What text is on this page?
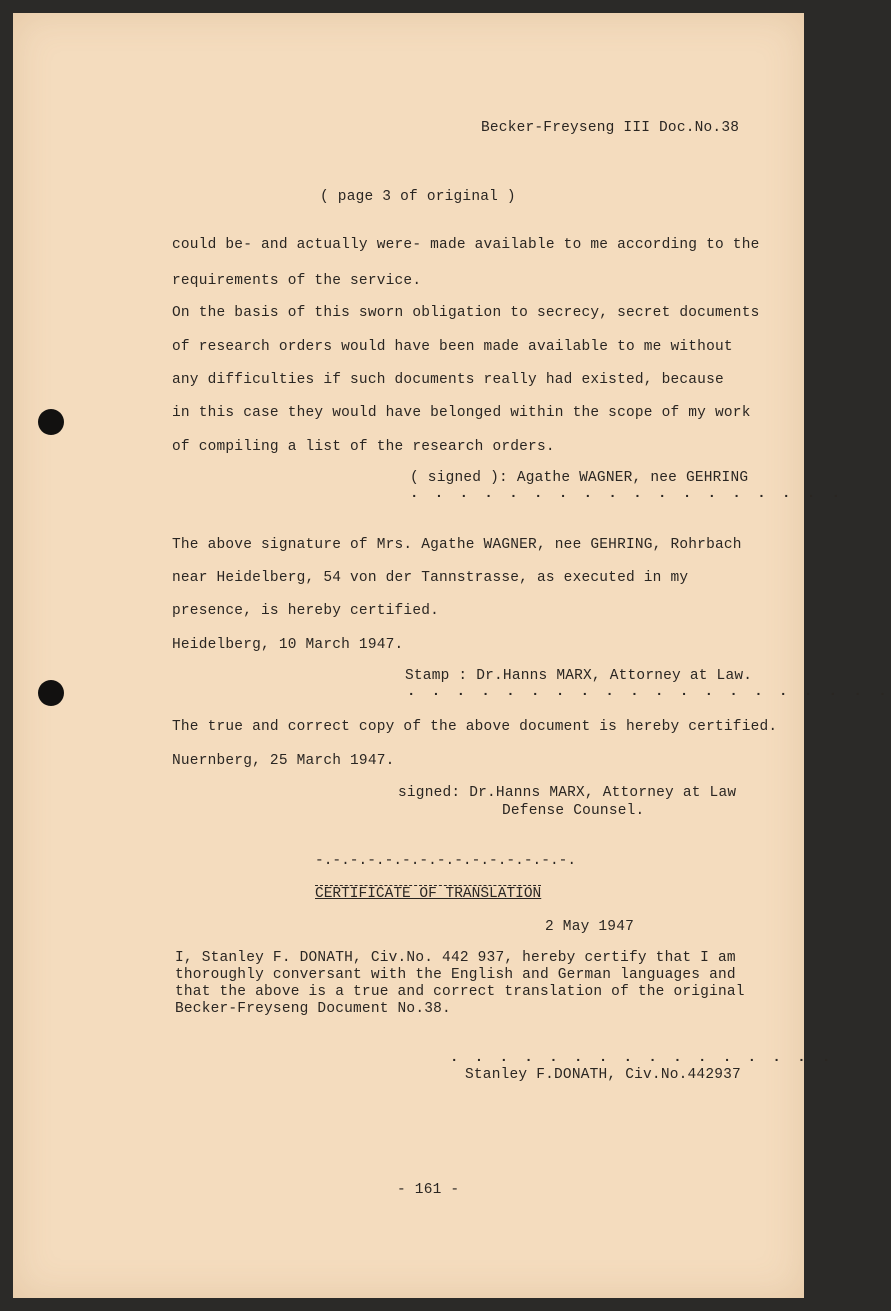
Becker-Freyseng III Doc.No.38
( page 3 of original )
could be- and actually were- made available to me according to the
requirements of the service.
On the basis of this sworn obligation to secrecy, secret documents
of research orders would have been made available to me without
any difficulties if such documents really had existed, because
in this case they would have belonged within the scope of my work
of compiling a list of the research orders.
( signed ): Agathe WAGNER, nee GEHRING
. . . . . . . . . . . . . . . . . .
The above signature of Mrs. Agathe WAGNER, nee GEHRING, Rohrbach
near Heidelberg, 54 von der Tannstrasse, as executed in my
presence, is hereby certified.
Heidelberg, 10 March 1947.
Stamp : Dr.Hanns MARX, Attorney at Law.
. . . . . . . . . . . . . . . . . . . .
The true and correct copy of the above document is hereby certified.
Nuernberg, 25 March 1947.
signed: Dr.Hanns MARX, Attorney at Law
Defense Counsel.
-.-.-.-.-.-.-.-.-.-.-.-.-.-.-.
CERTIFICATE OF TRANSLATION
2 May 1947
I, Stanley F. DONATH, Civ.No. 442 937, hereby certify that I am
thoroughly conversant with the English and German languages and
that the above is a true and correct translation of the original
Becker-Freyseng Document No.38.
. . . . . . . . . . . . . . . .
Stanley F.DONATH, Civ.No.442937
- 161 -
